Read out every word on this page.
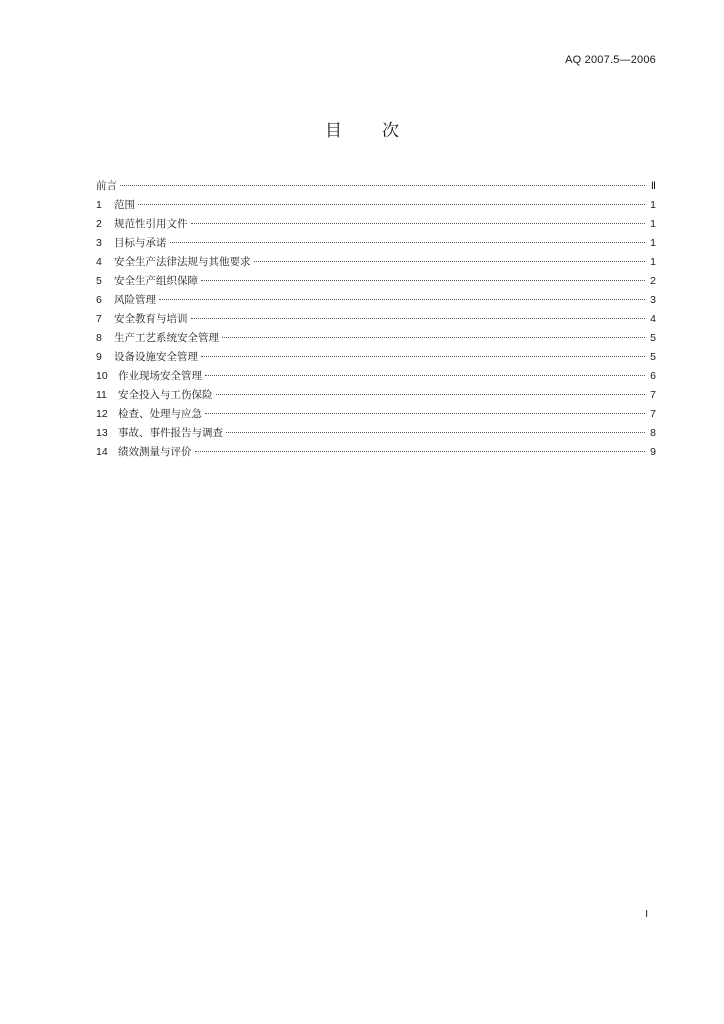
AQ 2007.5—2006
目 次
前言	Ⅱ
1	范围	1
2	规范性引用文件	1
3	目标与承诺	1
4	安全生产法律法规与其他要求	1
5	安全生产组织保障	2
6	风险管理	3
7	安全教育与培训	4
8	生产工艺系统安全管理	5
9	设备设施安全管理	5
10 作业现场安全管理	6
11	安全投入与工伤保险	7
12 检查、处理与应急	7
13 事故、事件报告与调查	8
14 绩效测量与评价	9
I
